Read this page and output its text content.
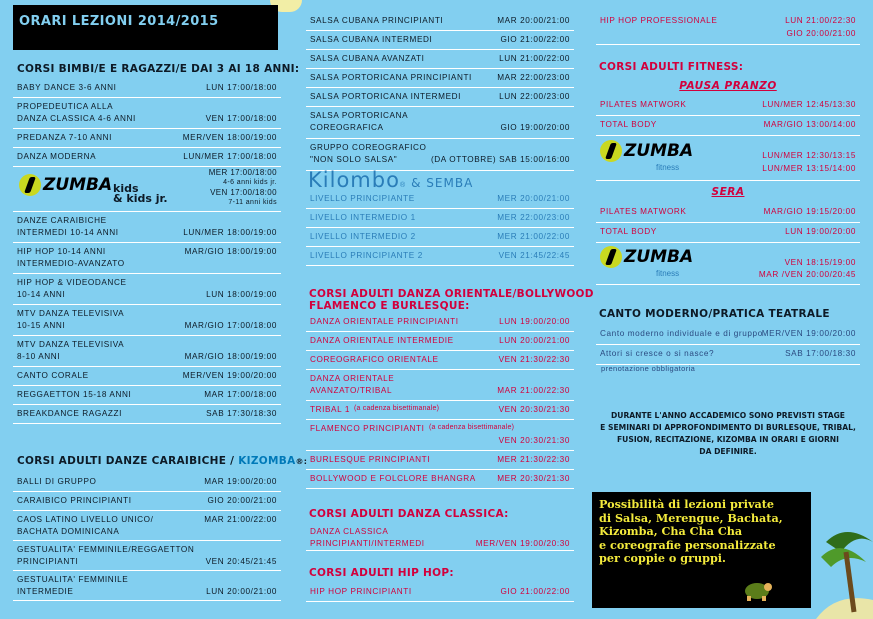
ORARI LEZIONI 2014/2015
CORSI BIMBI/E E RAGAZZI/E DAI 3 AI 18 ANNI:
BABY DANCE 3-6 ANNI	LUN 17:00/18:00
PROPEDEUTICA ALLA
DANZA CLASSICA 4-6 ANNI	VEN 17:00/18:00
PREDANZA 7-10 ANNI	MER/VEN 18:00/19:00
DANZA MODERNA	LUN/MER 17:00/18:00
ZUMBA kids
& kids jr.
MER 17:00/18:00
4-6 anni kids jr.
VEN 17:00/18:00
7-11 anni kids
DANZE CARAIBICHE
INTERMEDI 10-14 ANNI	LUN/MER 18:00/19:00
HIP HOP 10-14 ANNI
INTERMEDIO-AVANZATO
MAR/GIO 18:00/19:00
HIP HOP & VIDEODANCE
10-14 ANNI	LUN 18:00/19:00
MTV DANZA TELEVISIVA
10-15 ANNI	MAR/GIO 17:00/18:00
MTV DANZA TELEVISIVA
8-10 ANNI	MAR/GIO 18:00/19:00
CANTO CORALE	MER/VEN 19:00/20:00
REGGAETTON 15-18 ANNI	MAR 17:00/18:00
BREAKDANCE RAGAZZI	SAB 17:30/18:30
CORSI ADULTI DANZE CARAIBICHE / KIZOMBA®:
BALLI DI GRUPPO	MAR 19:00/20:00
CARAIBICO PRINCIPIANTI	GIO 20:00/21:00
CAOS LATINO LIVELLO UNICO/
BACHATA DOMINICANA
MAR 21:00/22:00
GESTUALITA' FEMMINILE/REGGAETTON
PRINCIPIANTI	VEN 20:45/21:45
GESTUALITA' FEMMINILE
INTERMEDIE	LUN 20:00/21:00
SALSA CUBANA PRINCIPIANTI	MAR 20:00/21:00
SALSA CUBANA INTERMEDI	GIO 21:00/22:00
SALSA CUBANA AVANZATI	LUN 21:00/22:00
SALSA PORTORICANA PRINCIPIANTI	MAR 22:00/23:00
SALSA PORTORICANA INTERMEDI	LUN 22:00/23:00
SALSA PORTORICANA
COREOGRAFICA	GIO 19:00/20:00
GRUPPO COREOGRAFICO
"NON SOLO SALSA"	(DA OTTOBRE) SAB 15:00/16:00
Kilombo ® & SEMBA
LIVELLO PRINCIPIANTE	MER 20:00/21:00
LIVELLO INTERMEDIO 1	MER 22:00/23:00
LIVELLO INTERMEDIO 2	MER 21:00/22:00
LIVELLO PRINCIPIANTE 2	VEN 21:45/22:45
CORSI ADULTI DANZA ORIENTALE/BOLLYWOOD
FLAMENCO E BURLESQUE:
DANZA ORIENTALE PRINCIPIANTI	LUN 19:00/20:00
DANZA ORIENTALE INTERMEDIE	LUN 20:00/21:00
COREOGRAFICO ORIENTALE	VEN 21:30/22:30
DANZA ORIENTALE
AVANZATO/TRIBAL	MAR 21:00/22:30
TRIBAL 1 (a cadenza bisettimanale)	VEN 20:30/21:30
FLAMENCO PRINCIPIANTI (a cadenza bisettimanale)
VEN 20:30/21:30
BURLESQUE PRINCIPIANTI	MER 21:30/22:30
BOLLYWOOD E FOLCLORE BHANGRA	MER 20:30/21:30
CORSI ADULTI DANZA CLASSICA:
DANZA CLASSICA
PRINCIPIANTI/INTERMEDI	MER/VEN 19:00/20:30
CORSI ADULTI HIP HOP:
HIP HOP PRINCIPIANTI	GIO 21:00/22:00
HIP HOP PROFESSIONALE	LUN 21:00/22:30
GIO 20:00/21:00
CORSI ADULTI FITNESS:
PAUSA PRANZO
PILATES MATWORK	LUN/MER 12:45/13:30
TOTAL BODY	MAR/GIO 13:00/14:00
ZUMBA
fitness
LUN/MER 12:30/13:15
LUN/MER 13:15/14:00
SERA
PILATES MATWORK	MAR/GIO 19:15/20:00
TOTAL BODY	LUN 19:00/20:00
ZUMBA
fitness
VEN 18:15/19:00
MAR /VEN 20:00/20:45
CANTO MODERNO/PRATICA TEATRALE
Canto moderno individuale e di gruppo
MER/VEN 19:00/20:00
Attori si cresce o si nasce?	SAB 17:00/18:30
prenotazione obbligatoria
DURANTE L'ANNO ACCADEMICO SONO PREVISTI STAGE
E SEMINARI DI APPROFONDIMENTO DI BURLESQUE, TRIBAL,
FUSION, RECITAZIONE, KIZOMBA IN ORARI E GIORNI
DA DEFINIRE.
Possibilità di lezioni private
di Salsa, Merengue, Bachata,
Kizomba, Cha Cha Cha
e coreografie personalizzate
per coppie o gruppi.
